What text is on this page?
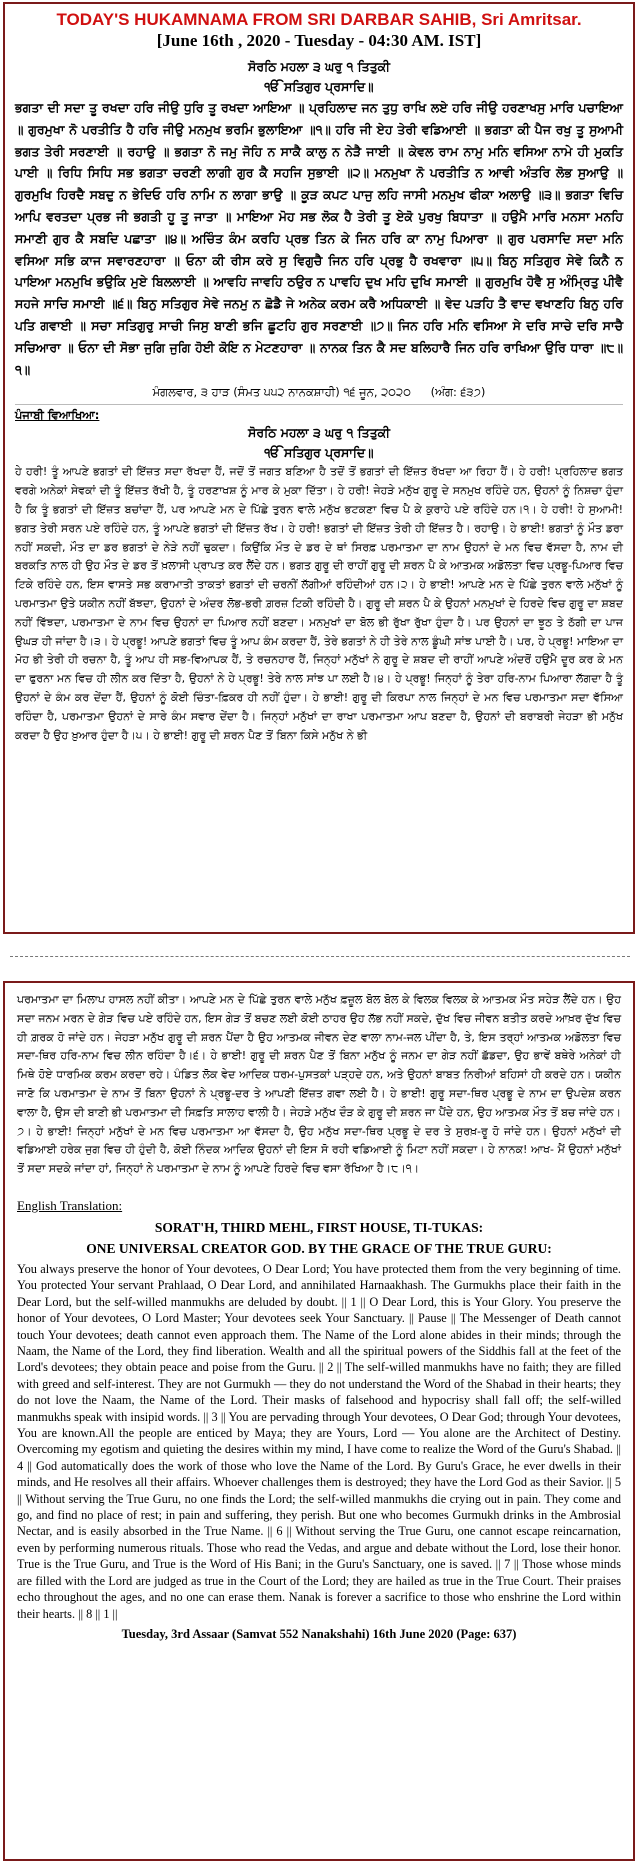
TODAY'S HUKAMNAMA FROM SRI DARBAR SAHIB, Sri Amritsar.
[June 16th , 2020 - Tuesday - 04:30 AM. IST]
ਸੋਰਠਿ ਮਹਲਾ ੩ ਘਰੁ ੧ ਤਿਤੁਕੀ
ੴ ਸਤਿਗੁਰ ਪ੍ਰਸਾਦਿ॥
ਭਗਤਾ ਦੀ ਸਦਾ ਤੂ ਰਖਦਾ ਹਰਿ ਜੀਉ ਧੁਰਿ ਤੂ ਰਖਦਾ ਆਇਆ ॥ ਪ੍ਰਹਿਲਾਦ ਜਨ ਤੁਧੁ ਰਾਖਿ ਲਏ ਹਰਿ ਜੀਉ ਹਰਣਾਖਸੁ ਮਾਰਿ ਪਚਾਇਆ ॥ ਗੁਰਮੁਖਾ ਨੋ ਪਰਤੀਤਿ ਹੈ ਹਰਿ ਜੀਉ ਮਨਮੁਖ ਭਰਮਿ ਭੁਲਾਇਆ ॥੧॥ ਹਰਿ ਜੀ ਏਹ ਤੇਰੀ ਵਡਿਆਈ ॥ ਭਗਤਾ ਕੀ ਪੈਜ ਰਖੁ ਤੂ ਸੁਆਮੀ ਭਗਤ ਤੇਰੀ ਸਰਣਾਈ ॥ ਰਹਾਉ ॥ ਭਗਤਾ ਨੋ ਜਮੁ ਜੋਹਿ ਨ ਸਾਕੈ ਕਾਲੁ ਨ ਨੇੜੈ ਜਾਈ ॥ ਕੇਵਲ ਰਾਮ ਨਾਮੁ ਮਨਿ ਵਸਿਆ ਨਾਮੇ ਹੀ ਮੁਕਤਿ ਪਾਈ ॥ ਰਿਧਿ ਸਿਧਿ ਸਭ ਭਗਤਾ ਚਰਣੀ ਲਾਗੀ ਗੁਰ ਕੈ ਸਹਜਿ ਸੁਭਾਈ ॥੨॥ ਮਨਮੁਖਾ ਨੋ ਪਰਤੀਤਿ ਨ ਆਵੀ ਅੰਤਰਿ ਲੋਭ ਸੁਆਉ ॥ ਗੁਰਮੁਖਿ ਹਿਰਦੈ ਸਬਦੁ ਨ ਭੇਦਿਓ ਹਰਿ ਨਾਮਿ ਨ ਲਾਗਾ ਭਾਉ ॥ ਕੂੜ ਕਪਟ ਪਾਜੁ ਲਹਿ ਜਾਸੀ ਮਨਮੁਖ ਫੀਕਾ ਅਲਾਉ ॥੩॥ ਭਗਤਾ ਵਿਚਿ ਆਪਿ ਵਰਤਦਾ ਪ੍ਰਭ ਜੀ ਭਗਤੀ ਹੂ ਤੂ ਜਾਤਾ ॥ ਮਾਇਆ ਮੋਹ ਸਭ ਲੋਕ ਹੈ ਤੇਰੀ ਤੂ ਏਕੋ ਪੁਰਖੁ ਬਿਧਾਤਾ ॥ ਹਉਮੈ ਮਾਰਿ ਮਨਸਾ ਮਨਹਿ ਸਮਾਣੀ ਗੁਰ ਕੈ ਸਬਦਿ ਪਛਾਤਾ ॥੪॥ ਅਚਿੰਤ ਕੰਮ ਕਰਹਿ ਪ੍ਰਭ ਤਿਨ ਕੇ ਜਿਨ ਹਰਿ ਕਾ ਨਾਮੁ ਪਿਆਰਾ ॥ ਗੁਰ ਪਰਸਾਦਿ ਸਦਾ ਮਨਿ ਵਸਿਆ ਸਭਿ ਕਾਜ ਸਵਾਰਣਹਾਰਾ ॥ ਓਨਾ ਕੀ ਰੀਸ ਕਰੇ ਸੁ ਵਿਗੁਚੈ ਜਿਨ ਹਰਿ ਪ੍ਰਭੁ ਹੈ ਰਖਵਾਰਾ ॥੫॥ ਬਿਨੁ ਸਤਿਗੁਰ ਸੇਵੇ ਕਿਨੈ ਨ ਪਾਇਆ ਮਨਮੁਖਿ ਭਉਕਿ ਮੁਏ ਬਿਲਲਾਈ ॥ ਆਵਹਿ ਜਾਵਹਿ ਠਉਰ ਨ ਪਾਵਹਿ ਦੁਖ ਮਹਿ ਦੁਖਿ ਸਮਾਈ ॥ ਗੁਰਮੁਖਿ ਹੋਵੈ ਸੁ ਅੰਮ੍ਰਿਤੁ ਪੀਵੈ ਸਹਜੇ ਸਾਚਿ ਸਮਾਈ ॥੬॥ ਬਿਨੁ ਸਤਿਗੁਰ ਸੇਵੇ ਜਨਮੁ ਨ ਛੋਡੈ ਜੇ ਅਨੇਕ ਕਰਮ ਕਰੈ ਅਧਿਕਾਈ ॥ ਵੇਦ ਪੜਹਿ ਤੈ ਵਾਦ ਵਖਾਣਹਿ ਬਿਨੁ ਹਰਿ ਪਤਿ ਗਵਾਈ ॥ ਸਚਾ ਸਤਿਗੁਰੁ ਸਾਚੀ ਜਿਸੁ ਬਾਣੀ ਭਜਿ ਛੂਟਹਿ ਗੁਰ ਸਰਣਾਈ ॥੭॥ ਜਿਨ ਹਰਿ ਮਨਿ ਵਸਿਆ ਸੇ ਦਰਿ ਸਾਚੇ ਦਰਿ ਸਾਚੈ ਸਚਿਆਰਾ ॥ ਓਨਾ ਦੀ ਸੋਭਾ ਜੁਗਿ ਜੁਗਿ ਹੋਈ ਕੋਇ ਨ ਮੇਟਣਹਾਰਾ ॥ ਨਾਨਕ ਤਿਨ ਕੈ ਸਦ ਬਲਿਹਾਰੈ ਜਿਨ ਹਰਿ ਰਾਖਿਆ ਉਰਿ ਧਾਰਾ ॥੮॥੧॥
ਮੰਗਲਵਾਰ, ੩ ਹਾੜ (ਸੰਮਤ ੫੫੨ ਨਾਨਕਸ਼ਾਹੀ) ੧੬ ਜੂਨ, ੨੦੨੦ (ਅੰਗ: ੬੩੭)
ਪੰਜਾਬੀ ਵਿਆਖਿਆ:
ਸੋਰਠਿ ਮਹਲਾ ੩ ਘਰੁ ੧ ਤਿਤੁਕੀ
ੴ ਸਤਿਗੁਰ ਪ੍ਰਸਾਦਿ॥
ਹੇ ਹਰੀ! ਤੂੰ ਆਪਣੇ ਭਗਤਾਂ ਦੀ ਇੱਜ਼ਤ ਸਦਾ ਰੱਖਦਾ ਹੈਂ, ਜਦੋਂ ਤੋਂ ਜਗਤ ਬਣਿਆ ਹੈ ਤਦੋਂ ਤੋਂ ਭਗਤਾਂ ਦੀ ਇੱਜ਼ਤ ਰੱਖਦਾ ਆ ਰਿਹਾ ਹੈਂ। ਹੇ ਹਰੀ! ਪ੍ਰਹਿਲਾਦ ਭਗਤ ਵਰਗੇ ਅਨੇਕਾਂ ਸੇਵਕਾਂ ਦੀ ਤੂੰ ਇੱਜ਼ਤ ਰੱਖੀ ਹੈ, ਤੂੰ ਹਰਣਾਖਸ਼ ਨੂੰ ਮਾਰ ਕੇ ਮੁਕਾ ਦਿੱਤਾ। ਹੇ ਹਰੀ! ਜੇਹੜੇ ਮਨੁੱਖ ਗੁਰੂ ਦੇ ਸਨਮੁਖ ਰਹਿੰਦੇ ਹਨ, ਉਹਨਾਂ ਨੂੰ ਨਿਸ਼ਚਾ ਹੁੰਦਾ ਹੈ ਕਿ ਤੂੰ ਭਗਤਾਂ ਦੀ ਇੱਜ਼ਤ ਬਚਾਂਦਾ ਹੈਂ, ਪਰ ਆਪਣੇ ਮਨ ਦੇ ਪਿੱਛੇ ਤੁਰਨ ਵਾਲੇ ਮਨੁੱਖ ਭਟਕਣਾ ਵਿਚ ਪੈ ਕੇ ਕੁਰਾਹੇ ਪਏ ਰਹਿੰਦੇ ਹਨ।੧। ਹੇ ਹਰੀ! ਹੇ ਸੁਆਮੀ! ਭਗਤ ਤੇਰੀ ਸਰਨ ਪਏ ਰਹਿੰਦੇ ਹਨ, ਤੂੰ ਆਪਣੇ ਭਗਤਾਂ ਦੀ ਇੱਜ਼ਤ ਰੱਖ। ਹੇ ਹਰੀ! ਭਗਤਾਂ ਦੀ ਇੱਜ਼ਤ ਤੇਰੀ ਹੀ ਇੱਜ਼ਤ ਹੈ। ਰਹਾਉ। ਹੇ ਭਾਈ! ਭਗਤਾਂ ਨੂੰ ਮੌਤ ਡਰਾ ਨਹੀਂ ਸਕਦੀ, ਮੌਤ ਦਾ ਡਰ ਭਗਤਾਂ ਦੇ ਨੇੜੇ ਨਹੀਂ ਢੁਕਦਾ। ਕਿਉਂਕਿ ਮੌਤ ਦੇ ਡਰ ਦੇ ਥਾਂ ਸਿਰਫ਼ ਪਰਮਾਤਮਾ ਦਾ ਨਾਮ ਉਹਨਾਂ ਦੇ ਮਨ ਵਿਚ ਵੱਸਦਾ ਹੈ, ਨਾਮ ਦੀ ਬਰਕਤਿ ਨਾਲ ਹੀ ਉਹ ਮੌਤ ਦੇ ਡਰ ਤੋਂ ਖ਼ਲਾਸੀ ਪ੍ਰਾਪਤ ਕਰ ਲੈਂਦੇ ਹਨ। ਭਗਤ ਗੁਰੂ ਦੀ ਰਾਹੀਂ ਗੁਰੂ ਦੀ ਸ਼ਰਨ ਪੈ ਕੇ ਆਤਮਕ ਅਡੋਲਤਾ ਵਿਚ ਪ੍ਰਭੂ-ਪਿਆਰ ਵਿਚ ਟਿਕੇ ਰਹਿੰਦੇ ਹਨ, ਇਸ ਵਾਸਤੇ ਸਭ ਕਰਾਮਾਤੀ ਤਾਕਤਾਂ ਭਗਤਾਂ ਦੀ ਚਰਨੀਂ ਲੱਗੀਆਂ ਰਹਿੰਦੀਆਂ ਹਨ।੨। ਹੇ ਭਾਈ! ਆਪਣੇ ਮਨ ਦੇ ਪਿੱਛੇ ਤੁਰਨ ਵਾਲੇ ਮਨੁੱਖਾਂ ਨੂੰ ਪਰਮਾਤਮਾ ਉਤੇ ਯਕੀਨ ਨਹੀਂ ਬੱਝਦਾ, ਉਹਨਾਂ ਦੇ ਅੰਦਰ ਲੋਭ-ਭਰੀ ਗ਼ਰਜ਼ ਟਿਕੀ ਰਹਿੰਦੀ ਹੈ। ਗੁਰੂ ਦੀ ਸ਼ਰਨ ਪੈ ਕੇ ਉਹਨਾਂ ਮਨਮੁਖਾਂ ਦੇ ਹਿਰਦੇ ਵਿਚ ਗੁਰੂ ਦਾ ਸ਼ਬਦ ਨਹੀਂ ਵਿੱਝਦਾ, ਪਰਮਾਤਮਾ ਦੇ ਨਾਮ ਵਿਚ ਉਹਨਾਂ ਦਾ ਪਿਆਰ ਨਹੀਂ ਬਣਦਾ। ਮਨਮੁਖਾਂ ਦਾ ਬੋਲ ਭੀ ਰੁੱਖਾ ਰੁੱਖਾ ਹੁੰਦਾ ਹੈ। ਪਰ ਉਹਨਾਂ ਦਾ ਝੂਠ ਤੇ ਠੱਗੀ ਦਾ ਪਾਜ ਉਘੜ ਹੀ ਜਾਂਦਾ ਹੈ।੩। ਹੇ ਪ੍ਰਭੂ! ਆਪਣੇ ਭਗਤਾਂ ਵਿਚ ਤੂੰ ਆਪ ਕੰਮ ਕਰਦਾ ਹੈਂ, ਤੇਰੇ ਭਗਤਾਂ ਨੇ ਹੀ ਤੇਰੇ ਨਾਲ ਡੂੰਘੀ ਸਾਂਝ ਪਾਈ ਹੈ। ਪਰ, ਹੇ ਪ੍ਰਭੂ! ਮਾਇਆ ਦਾ ਮੋਹ ਭੀ ਤੇਰੀ ਹੀ ਰਚਨਾ ਹੈ, ਤੂੰ ਆਪ ਹੀ ਸਭ-ਵਿਆਪਕ ਹੈਂ, ਤੇ ਰਚਨਹਾਰ ਹੈਂ, ਜਿਨ੍ਹਾਂ ਮਨੁੱਖਾਂ ਨੇ ਗੁਰੂ ਦੇ ਸ਼ਬਦ ਦੀ ਰਾਹੀਂ ਆਪਣੇ ਅੰਦਰੋਂ ਹਉਮੈ ਦੂਰ ਕਰ ਕੇ ਮਨ ਦਾ ਫੁਰਨਾ ਮਨ ਵਿਚ ਹੀ ਲੀਨ ਕਰ ਦਿੱਤਾ ਹੈ, ਉਹਨਾਂ ਨੇ ਹੇ ਪ੍ਰਭੂ! ਤੇਰੇ ਨਾਲ ਸਾਂਝ ਪਾ ਲਈ ਹੈ।੪। ਹੇ ਪ੍ਰਭੂ! ਜਿਨ੍ਹਾਂ ਨੂੰ ਤੇਰਾ ਹਰਿ-ਨਾਮ ਪਿਆਰਾ ਲੱਗਦਾ ਹੈ ਤੂੰ ਉਹਨਾਂ ਦੇ ਕੰਮ ਕਰ ਦੇਂਦਾ ਹੈਂ, ਉਹਨਾਂ ਨੂੰ ਕੋਈ ਚਿੰਤਾ-ਫ਼ਿਕਰ ਹੀ ਨਹੀਂ ਹੁੰਦਾ। ਹੇ ਭਾਈ! ਗੁਰੂ ਦੀ ਕਿਰਪਾ ਨਾਲ ਜਿਨ੍ਹਾਂ ਦੇ ਮਨ ਵਿਚ ਪਰਮਾਤਮਾ ਸਦਾ ਵੱਸਿਆ ਰਹਿੰਦਾ ਹੈ, ਪਰਮਾਤਮਾ ਉਹਨਾਂ ਦੇ ਸਾਰੇ ਕੰਮ ਸਵਾਰ ਦੇਂਦਾ ਹੈ। ਜਿਨ੍ਹਾਂ ਮਨੁੱਖਾਂ ਦਾ ਰਾਖਾ ਪਰਮਾਤਮਾ ਆਪ ਬਣਦਾ ਹੈ, ਉਹਨਾਂ ਦੀ ਬਰਾਬਰੀ ਜੇਹੜਾ ਭੀ ਮਨੁੱਖ ਕਰਦਾ ਹੈ ਉਹ ਖ਼ੁਆਰ ਹੁੰਦਾ ਹੈ।੫। ਹੇ ਭਾਈ! ਗੁਰੂ ਦੀ ਸ਼ਰਨ ਪੈਣ ਤੋਂ ਬਿਨਾ ਕਿਸੇ ਮਨੁੱਖ ਨੇ ਭੀ
ਪਰਮਾਤਮਾ ਦਾ ਮਿਲਾਪ ਹਾਸਲ ਨਹੀਂ ਕੀਤਾ। ਆਪਣੇ ਮਨ ਦੇ ਪਿੱਛੇ ਤੁਰਨ ਵਾਲੇ ਮਨੁੱਖ ਫ਼ਜ਼ੂਲ ਬੋਲ ਬੋਲ ਕੇ ਵਿਲਕ ਵਿਲਕ ਕੇ ਆਤਮਕ ਮੌਤ ਸਹੇੜ ਲੈਂਦੇ ਹਨ। ਉਹ ਸਦਾ ਜਨਮ ਮਰਨ ਦੇ ਗੇੜ ਵਿਚ ਪਏ ਰਹਿੰਦੇ ਹਨ, ਇਸ ਗੇੜ ਤੋਂ ਬਚਣ ਲਈ ਕੋਈ ਠਾਹਰ ਉਹ ਲੱਭ ਨਹੀਂ ਸਕਦੇ, ਦੁੱਖ ਵਿਚ ਜੀਵਨ ਬਤੀਤ ਕਰਦੇ ਆਖ਼ਰ ਦੁੱਖ ਵਿਚ ਹੀ ਗ਼ਰਕ ਹੋ ਜਾਂਦੇ ਹਨ। ਜੇਹੜਾ ਮਨੁੱਖ ਗੁਰੂ ਦੀ ਸ਼ਰਨ ਪੈਂਦਾ ਹੈ ਉਹ ਆਤਮਕ ਜੀਵਨ ਦੇਣ ਵਾਲਾ ਨਾਮ-ਜਲ ਪੀਂਦਾ ਹੈ, ਤੇ, ਇਸ ਤਰ੍ਹਾਂ ਆਤਮਕ ਅਡੋਲਤਾ ਵਿਚ ਸਦਾ-ਥਿਰ ਹਰਿ-ਨਾਮ ਵਿਚ ਲੀਨ ਰਹਿੰਦਾ ਹੈ।੬। ਹੇ ਭਾਈ! ਗੁਰੂ ਦੀ ਸ਼ਰਨ ਪੈਣ ਤੋਂ ਬਿਨਾ ਮਨੁੱਖ ਨੂੰ ਜਨਮ ਦਾ ਗੇੜ ਨਹੀਂ ਛੱਡਦਾ, ਉਹ ਭਾਵੇਂ ਬਥੇਰੇ ਅਨੇਕਾਂ ਹੀ ਮਿਥੇ ਹੋਏ ਧਾਰਮਿਕ ਕਰਮ ਕਰਦਾ ਰਹੇ। ਪੰਡਿਤ ਲੋਕ ਵੇਦ ਆਦਿਕ ਧਰਮ-ਪੁਸਤਕਾਂ ਪੜ੍ਹਦੇ ਹਨ, ਅਤੇ ਉਹਨਾਂ ਬਾਬਤ ਨਿਰੀਆਂ ਬਹਿਸਾਂ ਹੀ ਕਰਦੇ ਹਨ। ਯਕੀਨ ਜਾਣੋ ਕਿ ਪਰਮਾਤਮਾ ਦੇ ਨਾਮ ਤੋਂ ਬਿਨਾ ਉਹਨਾਂ ਨੇ ਪ੍ਰਭੂ-ਦਰ ਤੇ ਆਪਣੀ ਇੱਜ਼ਤ ਗਵਾ ਲਈ ਹੈ। ਹੇ ਭਾਈ! ਗੁਰੂ ਸਦਾ-ਥਿਰ ਪ੍ਰਭੂ ਦੇ ਨਾਮ ਦਾ ਉਪਦੇਸ਼ ਕਰਨ ਵਾਲਾ ਹੈ, ਉਸ ਦੀ ਬਾਣੀ ਭੀ ਪਰਮਾਤਮਾ ਦੀ ਸਿਫ਼ਤਿ ਸਾਲਾਹ ਵਾਲੀ ਹੈ। ਜੇਹੜੇ ਮਨੁੱਖ ਦੌੜ ਕੇ ਗੁਰੂ ਦੀ ਸ਼ਰਨ ਜਾ ਪੈਂਦੇ ਹਨ, ਉਹ ਆਤਮਕ ਮੌਤ ਤੋਂ ਬਚ ਜਾਂਦੇ ਹਨ।੭। ਹੇ ਭਾਈ! ਜਿਨ੍ਹਾਂ ਮਨੁੱਖਾਂ ਦੇ ਮਨ ਵਿਚ ਪਰਮਾਤਮਾ ਆ ਵੱਸਦਾ ਹੈ, ਉਹ ਮਨੁੱਖ ਸਦਾ-ਥਿਰ ਪ੍ਰਭੂ ਦੇ ਦਰ ਤੇ ਸੁਰਖ਼-ਰੂ ਹੋ ਜਾਂਦੇ ਹਨ। ਉਹਨਾਂ ਮਨੁੱਖਾਂ ਦੀ ਵਡਿਆਈ ਹਰੇਕ ਜੁਗ ਵਿਚ ਹੀ ਹੁੰਦੀ ਹੈ, ਕੋਈ ਨਿੰਦਕ ਆਦਿਕ ਉਹਨਾਂ ਦੀ ਇਸ ਸੋ ਰਹੀ ਵਡਿਆਈ ਨੂੰ ਮਿਟਾ ਨਹੀਂ ਸਕਦਾ। ਹੇ ਨਾਨਕ! ਆਖ- ਮੈਂ ਉਹਨਾਂ ਮਨੁੱਖਾਂ ਤੋਂ ਸਦਾ ਸਦਕੇ ਜਾਂਦਾ ਹਾਂ, ਜਿਨ੍ਹਾਂ ਨੇ ਪਰਮਾਤਮਾ ਦੇ ਨਾਮ ਨੂੰ ਆਪਣੇ ਹਿਰਦੇ ਵਿਚ ਵਸਾ ਰੱਖਿਆ ਹੈ।੮।੧।
English Translation:
SORAT'H, THIRD MEHL, FIRST HOUSE, TI-TUKAS:
ONE UNIVERSAL CREATOR GOD. BY THE GRACE OF THE TRUE GURU:
You always preserve the honor of Your devotees, O Dear Lord; You have protected them from the very beginning of time. You protected Your servant Prahlaad, O Dear Lord, and annihilated Harnaakhash. The Gurmukhs place their faith in the Dear Lord, but the self-willed manmukhs are deluded by doubt. || 1 || O Dear Lord, this is Your Glory. You preserve the honor of Your devotees, O Lord Master; Your devotees seek Your Sanctuary. || Pause || The Messenger of Death cannot touch Your devotees; death cannot even approach them. The Name of the Lord alone abides in their minds; through the Naam, the Name of the Lord, they find liberation. Wealth and all the spiritual powers of the Siddhis fall at the feet of the Lord's devotees; they obtain peace and poise from the Guru. || 2 || The self-willed manmukhs have no faith; they are filled with greed and self-interest. They are not Gurmukh — they do not understand the Word of the Shabad in their hearts; they do not love the Naam, the Name of the Lord. Their masks of falsehood and hypocrisy shall fall off; the self-willed manmukhs speak with insipid words. || 3 || You are pervading through Your devotees, O Dear God; through Your devotees, You are known.All the people are enticed by Maya; they are Yours, Lord — You alone are the Architect of Destiny. Overcoming my egotism and quieting the desires within my mind, I have come to realize the Word of the Guru's Shabad. || 4 || God automatically does the work of those who love the Name of the Lord. By Guru's Grace, he ever dwells in their minds, and He resolves all their affairs. Whoever challenges them is destroyed; they have the Lord God as their Savior. || 5 || Without serving the True Guru, no one finds the Lord; the self-willed manmukhs die crying out in pain. They come and go, and find no place of rest; in pain and suffering, they perish. But one who becomes Gurmukh drinks in the Ambrosial Nectar, and is easily absorbed in the True Name. || 6 || Without serving the True Guru, one cannot escape reincarnation, even by performing numerous rituals. Those who read the Vedas, and argue and debate without the Lord, lose their honor. True is the True Guru, and True is the Word of His Bani; in the Guru's Sanctuary, one is saved. || 7 || Those whose minds are filled with the Lord are judged as true in the Court of the Lord; they are hailed as true in the True Court. Their praises echo throughout the ages, and no one can erase them. Nanak is forever a sacrifice to those who enshrine the Lord within their hearts. || 8 || 1 ||
Tuesday, 3rd Assaar (Samvat 552 Nanakshahi) 16th June 2020 (Page: 637)
